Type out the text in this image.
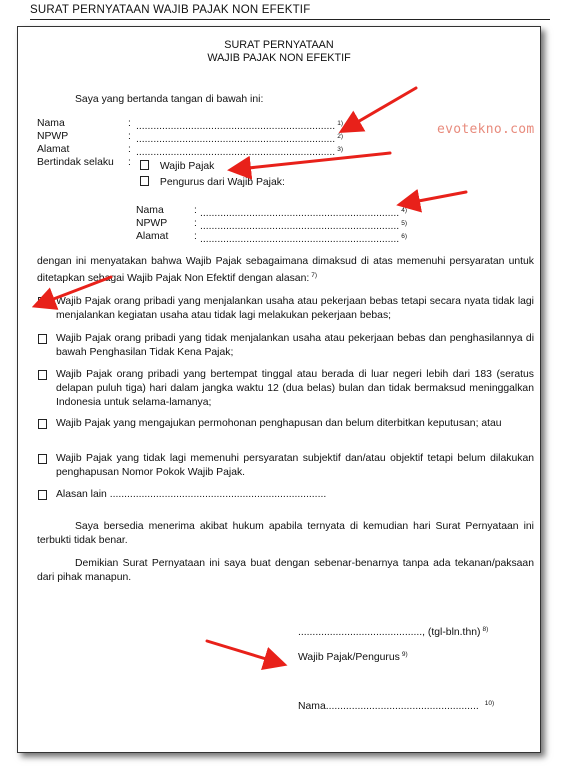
SURAT PERNYATAAN WAJIB PAJAK NON EFEKTIF
SURAT PERNYATAAN
WAJIB PAJAK NON EFEKTIF
Saya yang bertanda tangan di bawah ini:
Nama	: ..................................................................... $^{1)}$
NPWP	: ..................................................................... $^{2)}$
Alamat	: ..................................................................... $^{3)}$
Bertindak selaku :	Wajib Pajak
Pengurus dari Wajib Pajak:
Nama	: ..................................................................... $^{4)}$
NPWP	: ..................................................................... $^{5)}$
Alamat : ..................................................................... $^{6)}$
dengan ini menyatakan bahwa Wajib Pajak sebagaimana dimaksud di atas memenuhi persyaratan untuk ditetapkan sebagai Wajib Pajak Non Efektif dengan alasan: $^{7)}$
Wajib Pajak orang pribadi yang menjalankan usaha atau pekerjaan bebas tetapi secara nyata tidak lagi menjalankan kegiatan usaha atau tidak lagi melakukan pekerjaan bebas;
Wajib Pajak orang pribadi yang tidak menjalankan usaha atau pekerjaan bebas dan penghasilannya di bawah Penghasilan Tidak Kena Pajak;
Wajib Pajak orang pribadi yang bertempat tinggal atau berada di luar negeri lebih dari 183 (seratus delapan puluh tiga) hari dalam jangka waktu 12 (dua belas) bulan dan tidak bermaksud meninggalkan Indonesia untuk selama-lamanya;
Wajib Pajak yang mengajukan permohonan penghapusan dan belum diterbitkan keputusan; atau
Wajib Pajak yang tidak lagi memenuhi persyaratan subjektif dan/atau objektif tetapi belum dilakukan penghapusan Nomor Pokok Wajib Pajak.
Alasan lain ...........................................................................
Saya bersedia menerima akibat hukum apabila ternyata di kemudian hari Surat Pernyataan ini terbukti tidak benar.
Demikian Surat Pernyataan ini saya buat dengan sebenar-benarnya tanpa ada tekanan/paksaan dari pihak manapun.
..........................................., (tgl-bln.thn) $^{8)}$
Wajib Pajak/Pengurus $^{9)}$
Nama..................................................... $^{10)}$
evotekno.com
